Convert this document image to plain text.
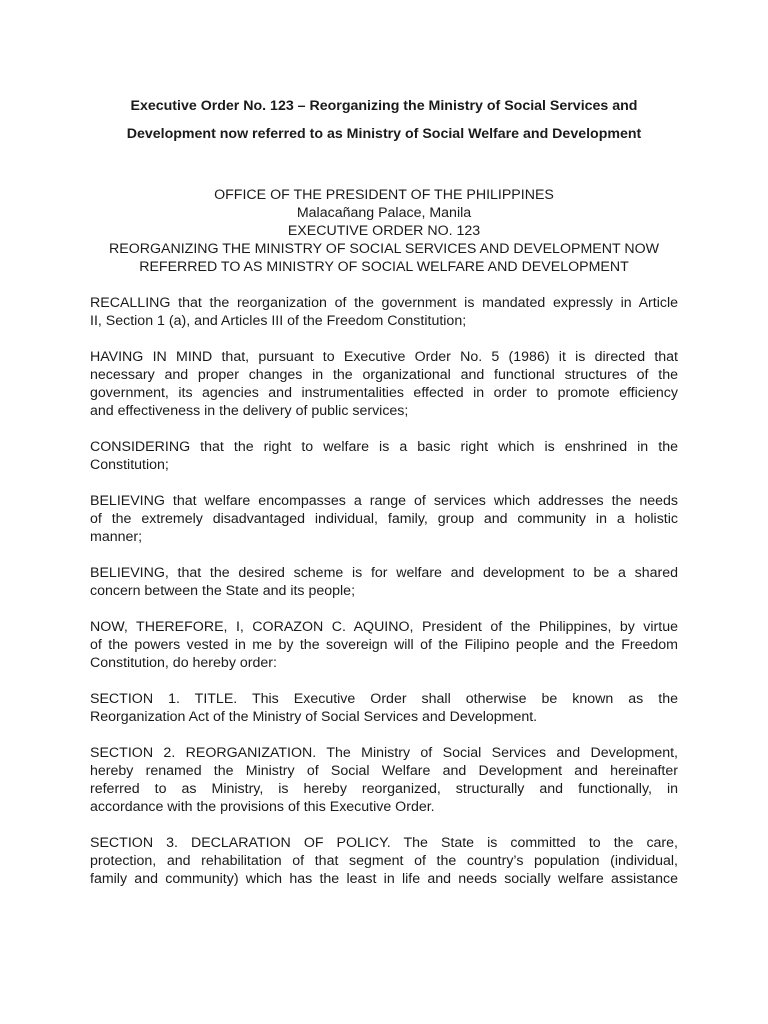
Executive Order No. 123 – Reorganizing the Ministry of Social Services and
Development now referred to as Ministry of Social Welfare and Development
OFFICE OF THE PRESIDENT OF THE PHILIPPINES
Malacañang Palace, Manila
EXECUTIVE ORDER NO. 123
REORGANIZING THE MINISTRY OF SOCIAL SERVICES AND DEVELOPMENT NOW
REFERRED TO AS MINISTRY OF SOCIAL WELFARE AND DEVELOPMENT

RECALLING that the reorganization of the government is mandated expressly in Article
II, Section 1 (a), and Articles III of the Freedom Constitution;

HAVING IN MIND that, pursuant to Executive Order No. 5 (1986) it is directed that
necessary and proper changes in the organizational and functional structures of the
government, its agencies and instrumentalities effected in order to promote efficiency
and effectiveness in the delivery of public services;

CONSIDERING that the right to welfare is a basic right which is enshrined in the
Constitution;

BELIEVING that welfare encompasses a range of services which addresses the needs
of the extremely disadvantaged individual, family, group and community in a holistic
manner;

BELIEVING, that the desired scheme is for welfare and development to be a shared
concern between the State and its people;

NOW, THEREFORE, I, CORAZON C. AQUINO, President of the Philippines, by virtue
of the powers vested in me by the sovereign will of the Filipino people and the Freedom
Constitution, do hereby order:

SECTION 1. TITLE. This Executive Order shall otherwise be known as the
Reorganization Act of the Ministry of Social Services and Development.

SECTION 2. REORGANIZATION. The Ministry of Social Services and Development,
hereby renamed the Ministry of Social Welfare and Development and hereinafter
referred to as Ministry, is hereby reorganized, structurally and functionally, in
accordance with the provisions of this Executive Order.

SECTION 3. DECLARATION OF POLICY. The State is committed to the care,
protection, and rehabilitation of that segment of the country’s population (individual,
family and community) which has the least in life and needs socially welfare assistance
